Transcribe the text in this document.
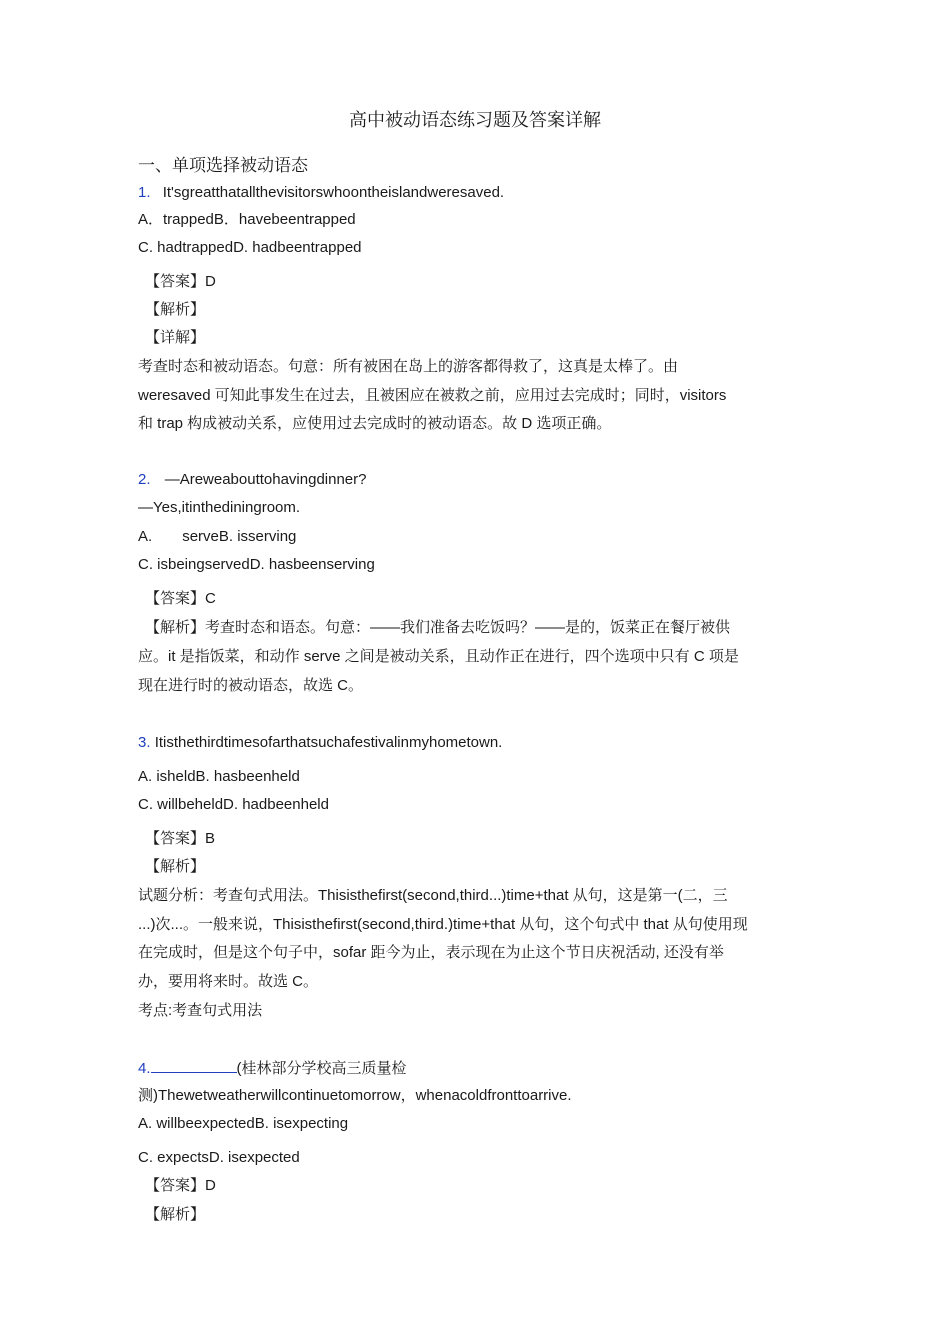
高中被动语态练习题及答案详解
一、单项选择被动语态
1. It'sgreatthatallthevisitorswhoontheislandweresaved.
A．trappedB．havebeentrapped
C. hadtrappedD. hadbeentrapped
【答案】D
【解析】
【详解】
考查时态和被动语态。句意：所有被困在岛上的游客都得救了，这真是太棒了。由
weresaved 可知此事发生在过去，且被困应在被救之前，应用过去完成时；同时，visitors
和 trap 构成被动关系，应使用过去完成时的被动语态。故 D 选项正确。
2. —Areweabouttohavingdinner?
—Yes,itinthediningroom.
A. serveB. isserving
C. isbeingservedD. hasbeenserving
【答案】C
【解析】考查时态和语态。句意：——我们准备去吃饭吗？——是的，饭菜正在餐厅被供
应。it 是指饭菜，和动作 serve 之间是被动关系，且动作正在进行，四个选项中只有 C 项是
现在进行时的被动语态，故选 C。
3. Itisthethirdtimesofarthatsuchafestivalinmyhometown.
A. isheldB. hasbeenheld
C. willbeheldD. hadbeenheld
【答案】B
【解析】
试题分析：考查句式用法。Thisisthefirst(second,third...)time+that 从句，这是第一(二，三
...)次...。一般来说，Thisisthefirst(second,third.)time+that 从句，这个句式中 that 从句使用现
在完成时，但是这个句子中，sofar 距今为止，表示现在为止这个节日庆祝活动, 还没有举
办，要用将来时。故选 C。
考点:考查句式用法
4.	(桂林部分学校高三质量检
测)Thewetweatherwillcontinuetomorrow，whenacoldfronttoarrive.
A. willbeexpectedB. isexpecting
C. expectsD. isexpected
【答案】D
【解析】
